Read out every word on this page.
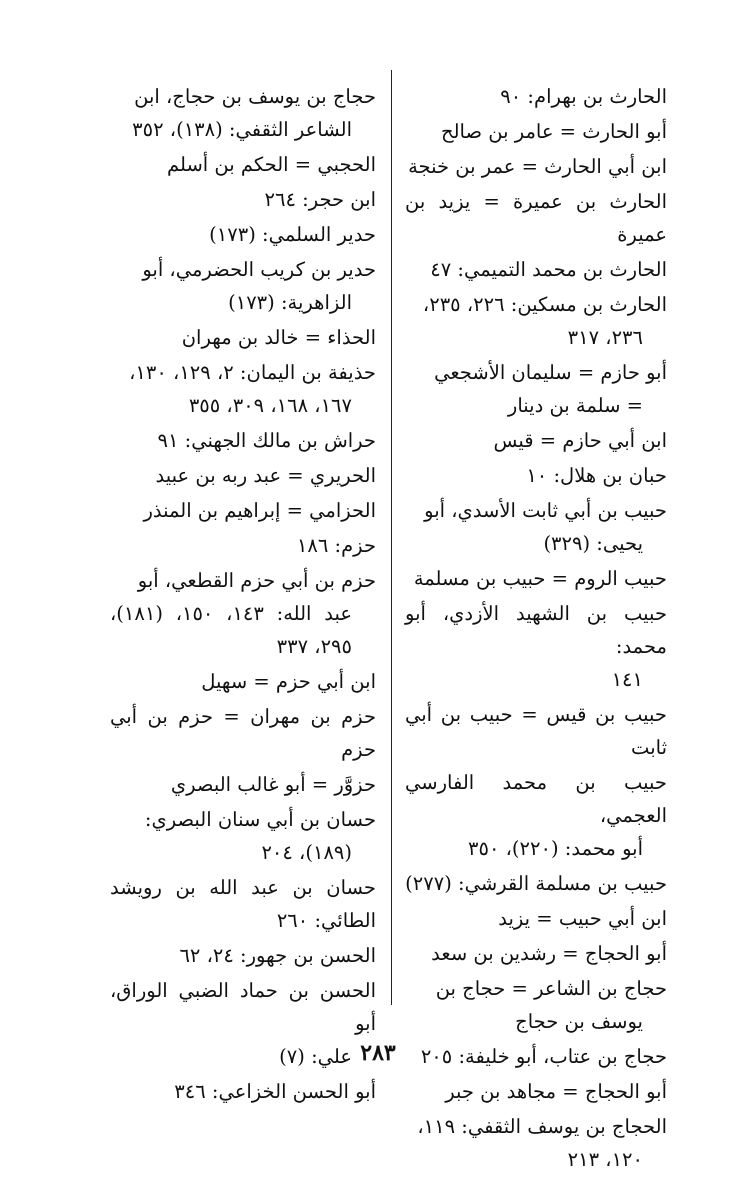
الحارث بن بهرام: ٩٠
أبو الحارث = عامر بن صالح
ابن أبي الحارث = عمر بن خنجة
الحارث بن عميرة = يزيد بن عميرة
الحارث بن محمد التميمي: ٤٧
الحارث بن مسكين: ٢٢٦، ٢٣٥،
٢٣٦، ٣١٧
أبو حازم = سليمان الأشجعي
= سلمة بن دينار
ابن أبي حازم = قيس
حبان بن هلال: ١٠
حبيب بن أبي ثابت الأسدي، أبو
يحيى: (٣٢٩)
حبيب الروم = حبيب بن مسلمة
حبيب بن الشهيد الأزدي، أبو محمد:
١٤١
حبيب بن قيس = حبيب بن أبي ثابت
حبيب بن محمد الفارسي العجمي،
أبو محمد: (٢٢٠)، ٣٥٠
حبيب بن مسلمة القرشي: (٢٧٧)
ابن أبي حبيب = يزيد
أبو الحجاج = رشدين بن سعد
حجاج بن الشاعر = حجاج بن
يوسف بن حجاج
حجاج بن عتاب، أبو خليفة: ٢٠٥
أبو الحجاج = مجاهد بن جبر
الحجاج بن يوسف الثقفي: ١١٩،
١٢٠، ٢١٣
حجاج بن يوسف بن حجاج، ابن
الشاعر الثقفي: (١٣٨)، ٣٥٢
الحجبي = الحكم بن أسلم
ابن حجر: ٢٦٤
حدير السلمي: (١٧٣)
حدير بن كريب الحضرمي، أبو
الزاهرية: (١٧٣)
الحذاء = خالد بن مهران
حذيفة بن اليمان: ٢، ١٢٩، ١٣٠،
١٦٧، ١٦٨، ٣٠٩، ٣٥٥
حراش بن مالك الجهني: ٩١
الحريري = عبد ربه بن عبيد
الحزامي = إبراهيم بن المنذر
حزم: ١٨٦
حزم بن أبي حزم القطعي، أبو
عبد الله: ١٤٣، ١٥٠، (١٨١)، ٢٩٥، ٣٣٧
ابن أبي حزم = سهيل
حزم بن مهران = حزم بن أبي حزم
حزوَّر = أبو غالب البصري
حسان بن أبي سنان البصري:
(١٨٩)، ٢٠٤
حسان بن عبد الله بن رويشد الطائي: ٢٦٠
الحسن بن جهور: ٢٤، ٦٢
الحسن بن حماد الضبي الوراق، أبو
علي: (٧)
أبو الحسن الخزاعي: ٣٤٦
٢٨٣
